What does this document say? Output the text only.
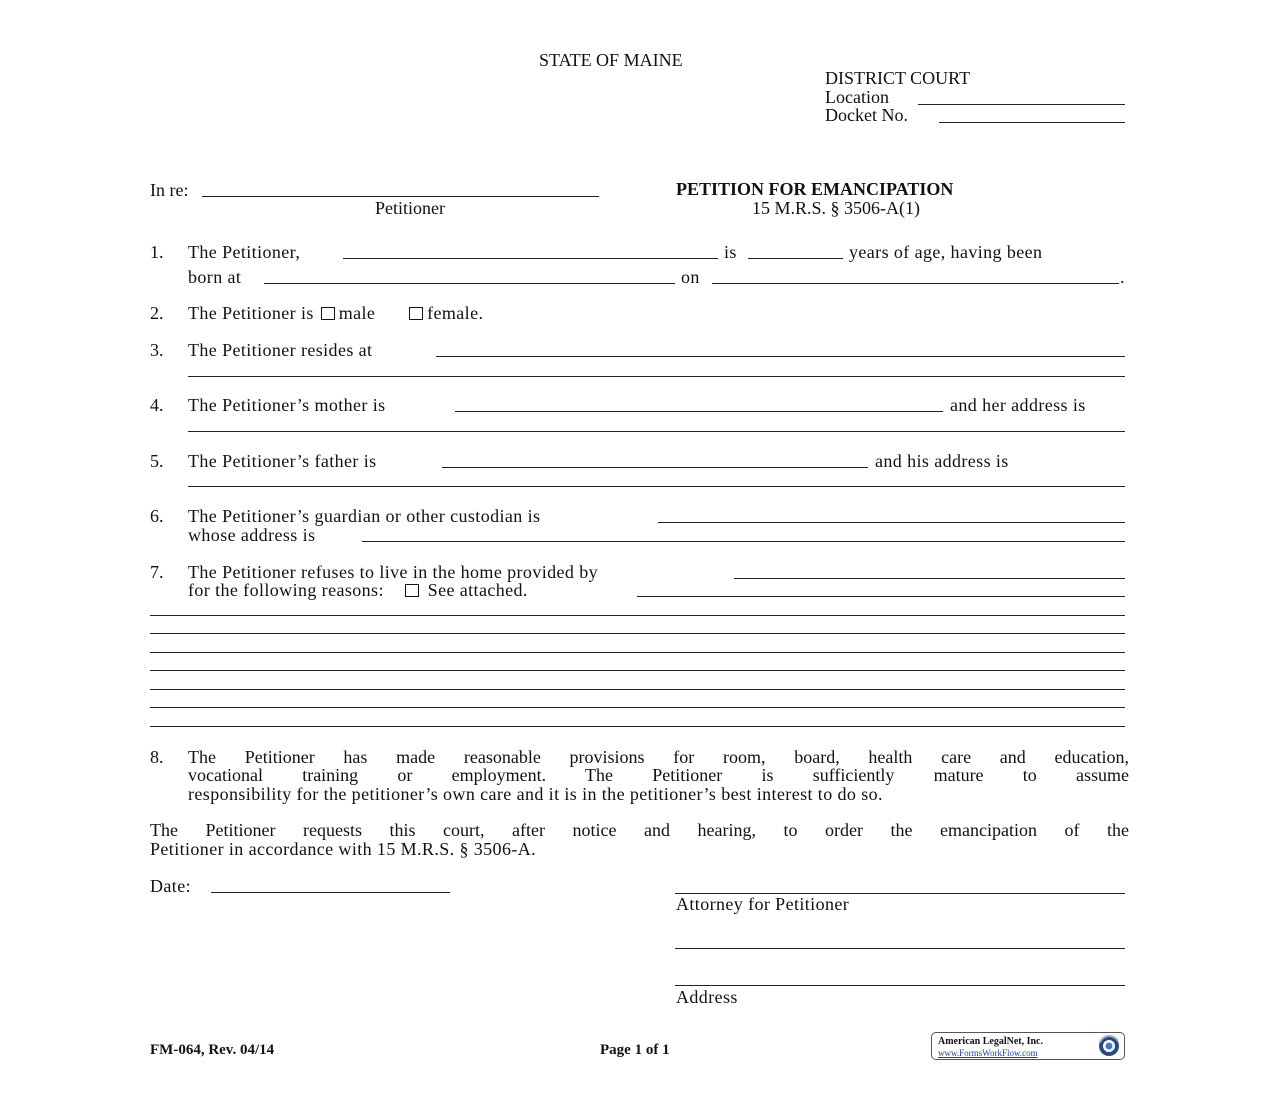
STATE OF MAINE
DISTRICT COURT
Location
Docket No.
In re:
Petitioner
PETITION FOR EMANCIPATION
15 M.R.S. § 3506-A(1)
1. The Petitioner,	is	years of age, having been
born at	on	.
2. The Petitioner is male	female.
3. The Petitioner resides at
4. The Petitioner’s mother is	and her address is
5. The Petitioner’s father is	and his address is
6. The Petitioner’s guardian or other custodian is
whose address is
7. The Petitioner refuses to live in the home provided by
for the following reasons: See attached.
8. The Petitioner has made reasonable provisions for room, board, health care and education,
vocational training or employment. The Petitioner is sufficiently mature to assume
responsibility for the petitioner’s own care and it is in the petitioner’s best interest to do so.
The Petitioner requests this court, after notice and hearing, to order the emancipation of the
Petitioner in accordance with 15 M.R.S. § 3506-A.
Date:
Attorney for Petitioner
Address
FM-064, Rev. 04/14	Page 1 of 1
American LegalNet, Inc.
www.FormsWorkFlow.com
